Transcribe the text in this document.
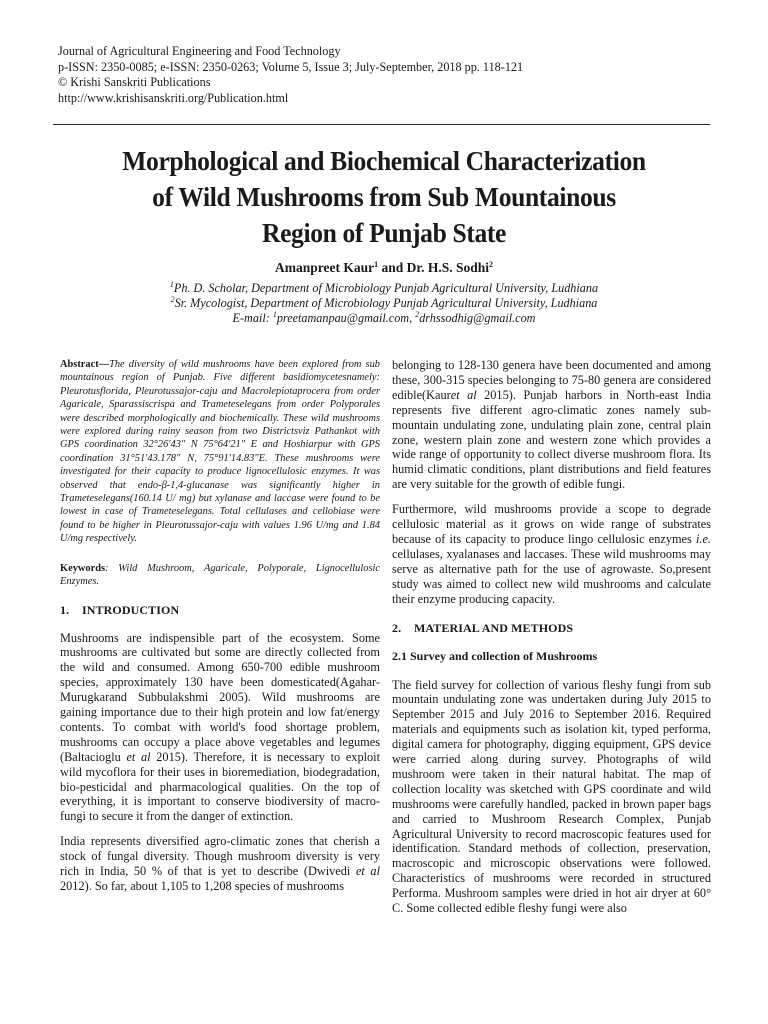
Journal of Agricultural Engineering and Food Technology
p-ISSN: 2350-0085; e-ISSN: 2350-0263; Volume 5, Issue 3; July-September, 2018 pp. 118-121
© Krishi Sanskriti Publications
http://www.krishisanskriti.org/Publication.html
Morphological and Biochemical Characterization
of Wild Mushrooms from Sub Mountainous
Region of Punjab State
Amanpreet Kaur$^1$ and Dr. H.S. Sodhi$^2$
$^1$Ph. D. Scholar, Department of Microbiology Punjab Agricultural University, Ludhiana
$^2$Sr. Mycologist, Department of Microbiology Punjab Agricultural University, Ludhiana
E-mail: $^1$preetamanpau@gmail.com, $^2$drhssodhig@gmail.com
Abstract—The diversity of wild mushrooms have been explored from sub mountainous region of Punjab. Five different basidiomycetesnamely: Pleurotusflorida, Pleurotussajor-caju and Macrolepiotaprocera from order Agaricale, Sparassiscrispa and Trameteselegans from order Polyporales were described morphologically and biochemically. These wild mushrooms were explored during rainy season from two Districtsviz Pathankot with GPS coordination 32°26'43" N 75°64'21" E and Hoshiarpur with GPS coordination 31°51'43.178" N, 75°91'14.83"E. These mushrooms were investigated for their capacity to produce lignocellulosic enzymes. It was observed that endo-β-1,4-glucanase was significantly higher in Trameteselegans(160.14 U/ mg) but xylanase and laccase were found to be lowest in case of Trameteselegans. Total cellulases and cellobiase were found to be higher in Pleurotussajor-caju with values 1.96 U/mg and 1.84 U/mg respectively.
Keywords: Wild Mushroom, Agaricale, Polyporale, Lignocellulosic Enzymes.
1. INTRODUCTION

Mushrooms are indispensible part of the ecosystem. Some mushrooms are cultivated but some are directly collected from the wild and consumed. Among 650-700 edible mushroom species, approximately 130 have been domesticated(Agahar-Murugkarand Subbulakshmi 2005). Wild mushrooms are gaining importance due to their high protein and low fat/energy contents. To combat with world's food shortage problem, mushrooms can occupy a place above vegetables and legumes (Baltacioglu et al 2015). Therefore, it is necessary to exploit wild mycoflora for their uses in bioremediation, biodegradation, bio-pesticidal and pharmacological qualities. On the top of everything, it is important to conserve biodiversity of macro-fungi to secure it from the danger of extinction.

India represents diversified agro-climatic zones that cherish a stock of fungal diversity. Though mushroom diversity is very rich in India, 50 % of that is yet to describe (Dwivedi et al 2012). So far, about 1,105 to 1,208 species of mushrooms

belonging to 128-130 genera have been documented and among these, 300-315 species belonging to 75-80 genera are considered edible(Kauret al 2015). Punjab harbors in North-east India represents five different agro-climatic zones namely sub-mountain undulating zone, undulating plain zone, central plain zone, western plain zone and western zone which provides a wide range of opportunity to collect diverse mushroom flora. Its humid climatic conditions, plant distributions and field features are very suitable for the growth of edible fungi.

Furthermore, wild mushrooms provide a scope to degrade cellulosic material as it grows on wide range of substrates because of its capacity to produce lingo cellulosic enzymes i.e. cellulases, xyalanases and laccases. These wild mushrooms may serve as alternative path for the use of agrowaste. So,present study was aimed to collect new wild mushrooms and calculate their enzyme producing capacity.

2. MATERIAL AND METHODS
2.1 Survey and collection of Mushrooms

The field survey for collection of various fleshy fungi from sub mountain undulating zone was undertaken during July 2015 to September 2015 and July 2016 to September 2016. Required materials and equipments such as isolation kit, typed performa, digital camera for photography, digging equipment, GPS device were carried along during survey. Photographs of wild mushroom were taken in their natural habitat. The map of collection locality was sketched with GPS coordinate and wild mushrooms were carefully handled, packed in brown paper bags and carried to Mushroom Research Complex, Punjab Agricultural University to record macroscopic features used for identification. Standard methods of collection, preservation, macroscopic and microscopic observations were followed. Characteristics of mushrooms were recorded in structured Performa. Mushroom samples were dried in hot air dryer at 60° C. Some collected edible fleshy fungi were also
